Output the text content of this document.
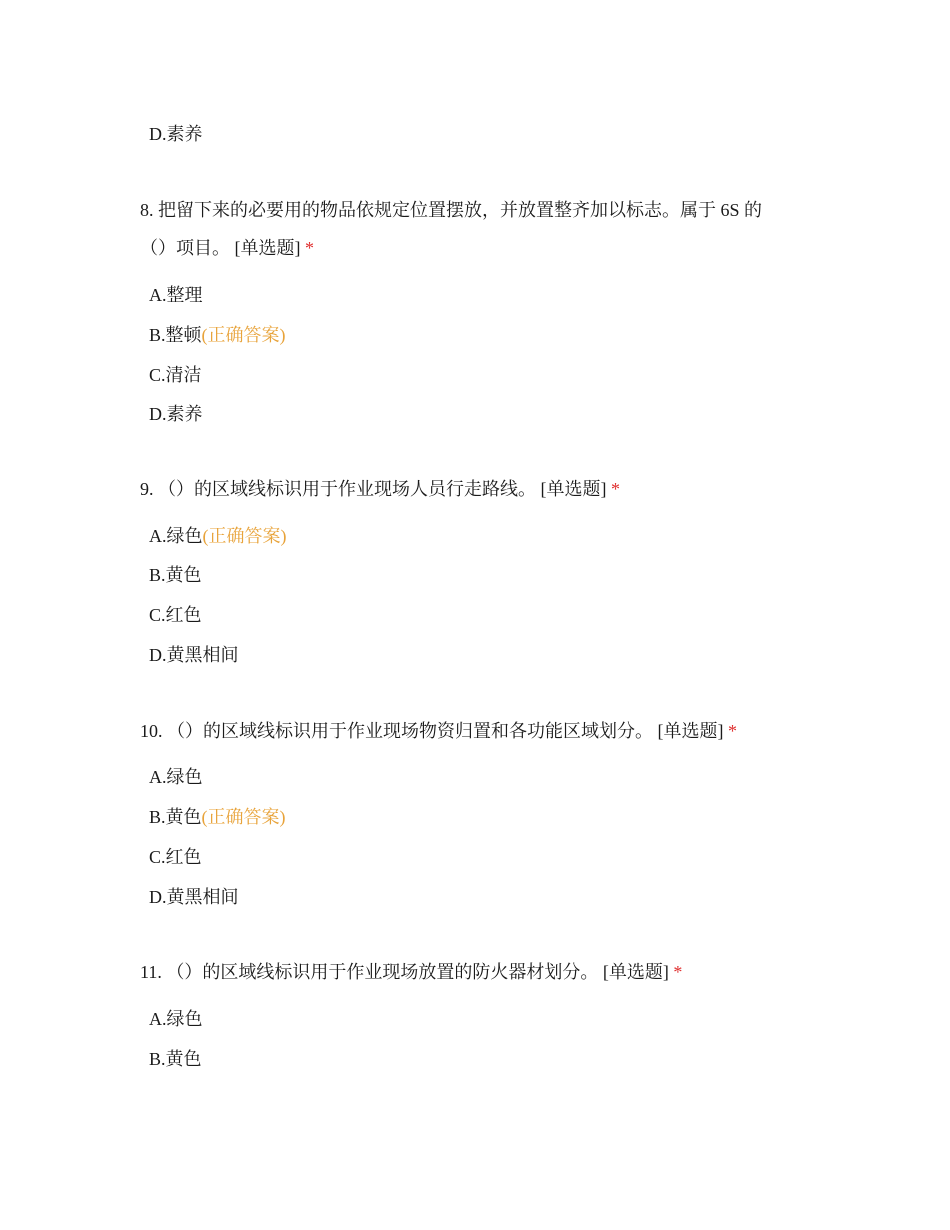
D.素养
8. 把留下来的必要用的物品依规定位置摆放，并放置整齐加以标志。属于 6S 的
（）项目。 [单选题] *
A.整理
B.整顿(正确答案)
C.清洁
D.素养
9. （）的区域线标识用于作业现场人员行走路线。 [单选题] *
A.绿色(正确答案)
B.黄色
C.红色
D.黄黑相间
10. （）的区域线标识用于作业现场物资归置和各功能区域划分。 [单选题] *
A.绿色
B.黄色(正确答案)
C.红色
D.黄黑相间
11. （）的区域线标识用于作业现场放置的防火器材划分。 [单选题] *
A.绿色
B.黄色
